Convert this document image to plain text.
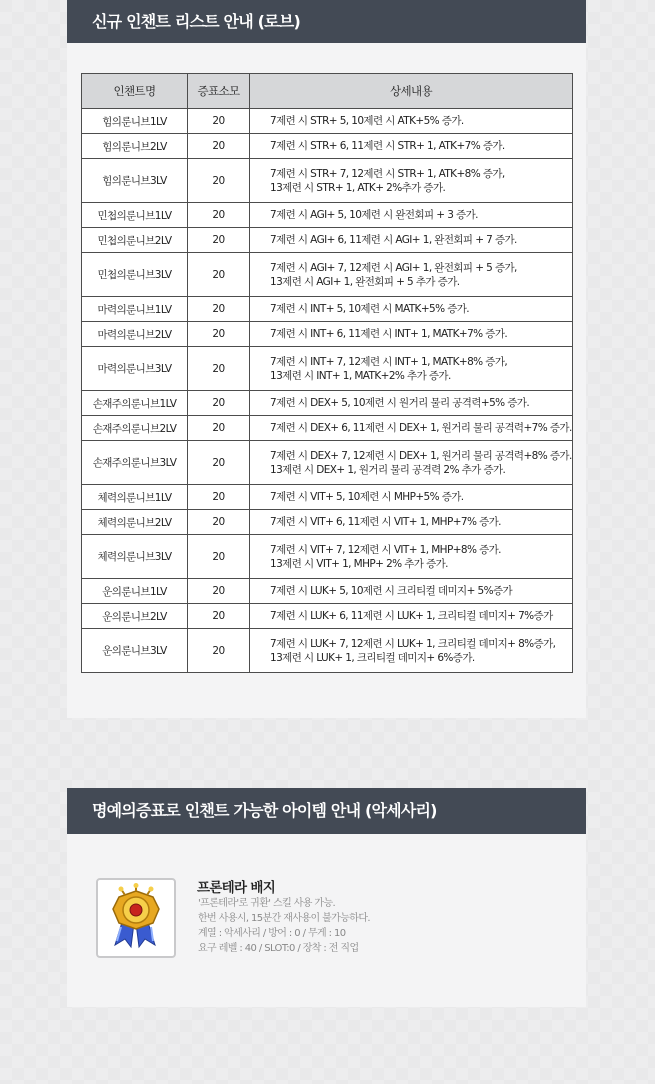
신규 인챈트 리스트 안내 (로브)
인챈트명	증표소모	상세내용
힘의룬니브1LV	20	7제련 시 STR+ 5, 10제련 시 ATK+5% 증가.

힘의룬니브2LV	20	7제련 시 STR+ 6, 11제련 시 STR+ 1, ATK+7% 증가.

힘의룬니브3LV	20	7제련 시 STR+ 7, 12제련 시 STR+ 1, ATK+8% 증가,
13제련 시 STR+ 1, ATK+ 2%추가 증가.

민첩의룬니브1LV	20	7제련 시 AGI+ 5, 10제련 시 완전회피 + 3 증가.

민첩의룬니브2LV	20	7제련 시 AGI+ 6, 11제련 시 AGI+ 1, 완전회피 + 7 증가.

민첩의룬니브3LV	20	7제련 시 AGI+ 7, 12제련 시 AGI+ 1, 완전회피 + 5 증가,
13제련 시 AGI+ 1, 완전회피 + 5 추가 증가.

마력의룬니브1LV	20	7제련 시 INT+ 5, 10제련 시 MATK+5% 증가.

마력의룬니브2LV	20	7제련 시 INT+ 6, 11제련 시 INT+ 1, MATK+7% 증가.

마력의룬니브3LV	20	7제련 시 INT+ 7, 12제련 시 INT+ 1, MATK+8% 증가,
13제련 시 INT+ 1, MATK+2% 추가 증가.

손재주의룬니브1LV	20	7제련 시 DEX+ 5, 10제련 시 원거리 물리 공격력+5% 증가.

손재주의룬니브2LV	20	7제련 시 DEX+ 6, 11제련 시 DEX+ 1, 원거리 물리 공격력+7% 증가.

손재주의룬니브3LV	20	7제련 시 DEX+ 7, 12제련 시 DEX+ 1, 원거리 물리 공격력+8% 증가.
13제련 시 DEX+ 1, 원거리 물리 공격력 2% 추가 증가.

체력의룬니브1LV	20	7제련 시 VIT+ 5, 10제련 시 MHP+5% 증가.

체력의룬니브2LV	20	7제련 시 VIT+ 6, 11제련 시 VIT+ 1, MHP+7% 증가.

체력의룬니브3LV	20	7제련 시 VIT+ 7, 12제련 시 VIT+ 1, MHP+8% 증가.
13제련 시 VIT+ 1, MHP+ 2% 추가 증가.

운의룬니브1LV	20	7제련 시 LUK+ 5, 10제련 시 크리티컬 데미지+ 5%증가

운의룬니브2LV	20	7제련 시 LUK+ 6, 11제련 시 LUK+ 1, 크리티컬 데미지+ 7%증가

운의룬니브3LV	20	7제련 시 LUK+ 7, 12제련 시 LUK+ 1, 크리티컬 데미지+ 8%증가,
13제련 시 LUK+ 1, 크리티컬 데미지+ 6%증가.
명예의증표로 인챈트 가능한 아이템 안내 (악세사리)
프론테라 배지
'프론테라'로 귀환' 스킬 사용 가능.
한번 사용시, 15분간 재사용이 불가능하다.
계열 : 악세사리 / 방어 : 0 / 무게 : 10
요구 레벨 : 40 / SLOT:0 / 장착 : 전 직업
